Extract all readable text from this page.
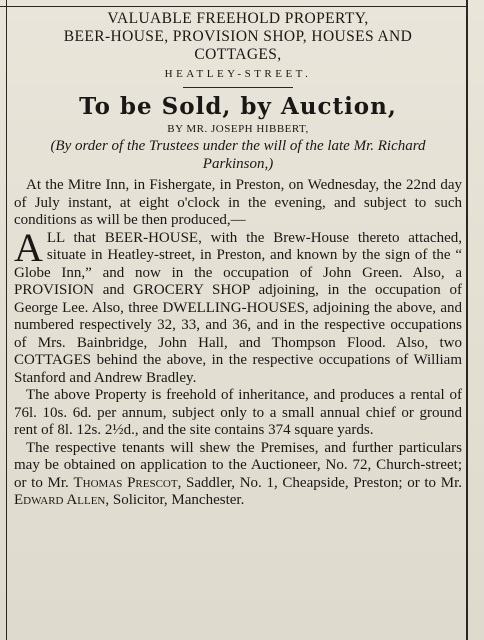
VALUABLE FREEHOLD PROPERTY,
BEER-HOUSE, PROVISION SHOP, HOUSES AND
COTTAGES,
HEATLEY-STREET.
To be Sold, by Auction,
BY MR. JOSEPH HIBBERT,
(By order of the Trustees under the will of the late Mr. Richard Parkinson,)

At the Mitre Inn, in Fishergate, in Preston, on Wednesday, the 22nd day of July instant, at eight o'clock in the evening, and subject to such conditions as will be then produced,—

ALL that BEER-HOUSE, with the Brew-House thereto attached, situate in Heatley-street, in Preston, and known by the sign of the “ Globe Inn,” and now in the occupation of John Green. Also, a PROVISION and GROCERY SHOP adjoining, in the occupation of George Lee. Also, three DWELLING-HOUSES, adjoining the above, and numbered respectively 32, 33, and 36, and in the respective occupations of Mrs. Bainbridge, John Hall, and Thompson Flood. Also, two COTTAGES behind the above, in the respective occupations of William Stanford and Andrew Bradley.

The above Property is freehold of inheritance, and produces a rental of 76l. 10s. 6d. per annum, subject only to a small annual chief or ground rent of 8l. 12s. 2½d., and the site contains 374 square yards.

The respective tenants will shew the Premises, and further particulars may be obtained on application to the Auctioneer, No. 72, Church-street; or to Mr. Thomas Prescot, Saddler, No. 1, Cheapside, Preston; or to Mr. Edward Allen, Solicitor, Manchester.
